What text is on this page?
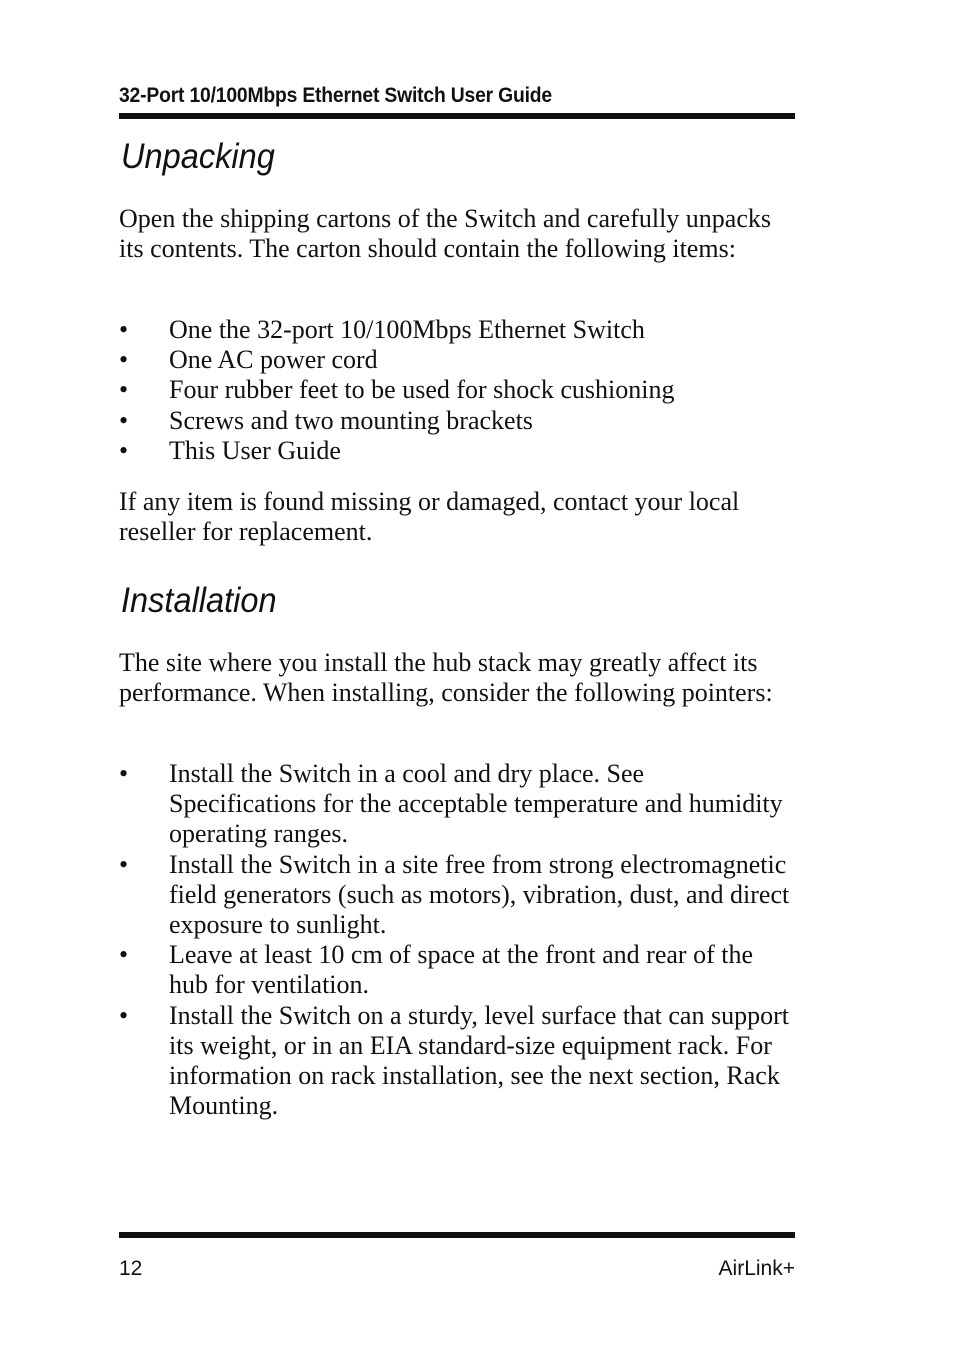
32-Port 10/100Mbps Ethernet Switch User Guide
Unpacking

Open the shipping cartons of the Switch and carefully unpacks its contents. The carton should contain the following items:

• One the 32-port 10/100Mbps Ethernet Switch
• One AC power cord
• Four rubber feet to be used for shock cushioning
• Screws and two mounting brackets
• This User Guide

If any item is found missing or damaged, contact your local reseller for replacement.

Installation

The site where you install the hub stack may greatly affect its performance. When installing, consider the following pointers:

• Install the Switch in a cool and dry place. See Specifications for the acceptable temperature and humidity operating ranges.
• Install the Switch in a site free from strong electromagnetic field generators (such as motors), vibration, dust, and direct exposure to sunlight.
• Leave at least 10 cm of space at the front and rear of the hub for ventilation.
• Install the Switch on a sturdy, level surface that can support its weight, or in an EIA standard-size equipment rack. For information on rack installation, see the next section, Rack Mounting.
12	AirLink+
